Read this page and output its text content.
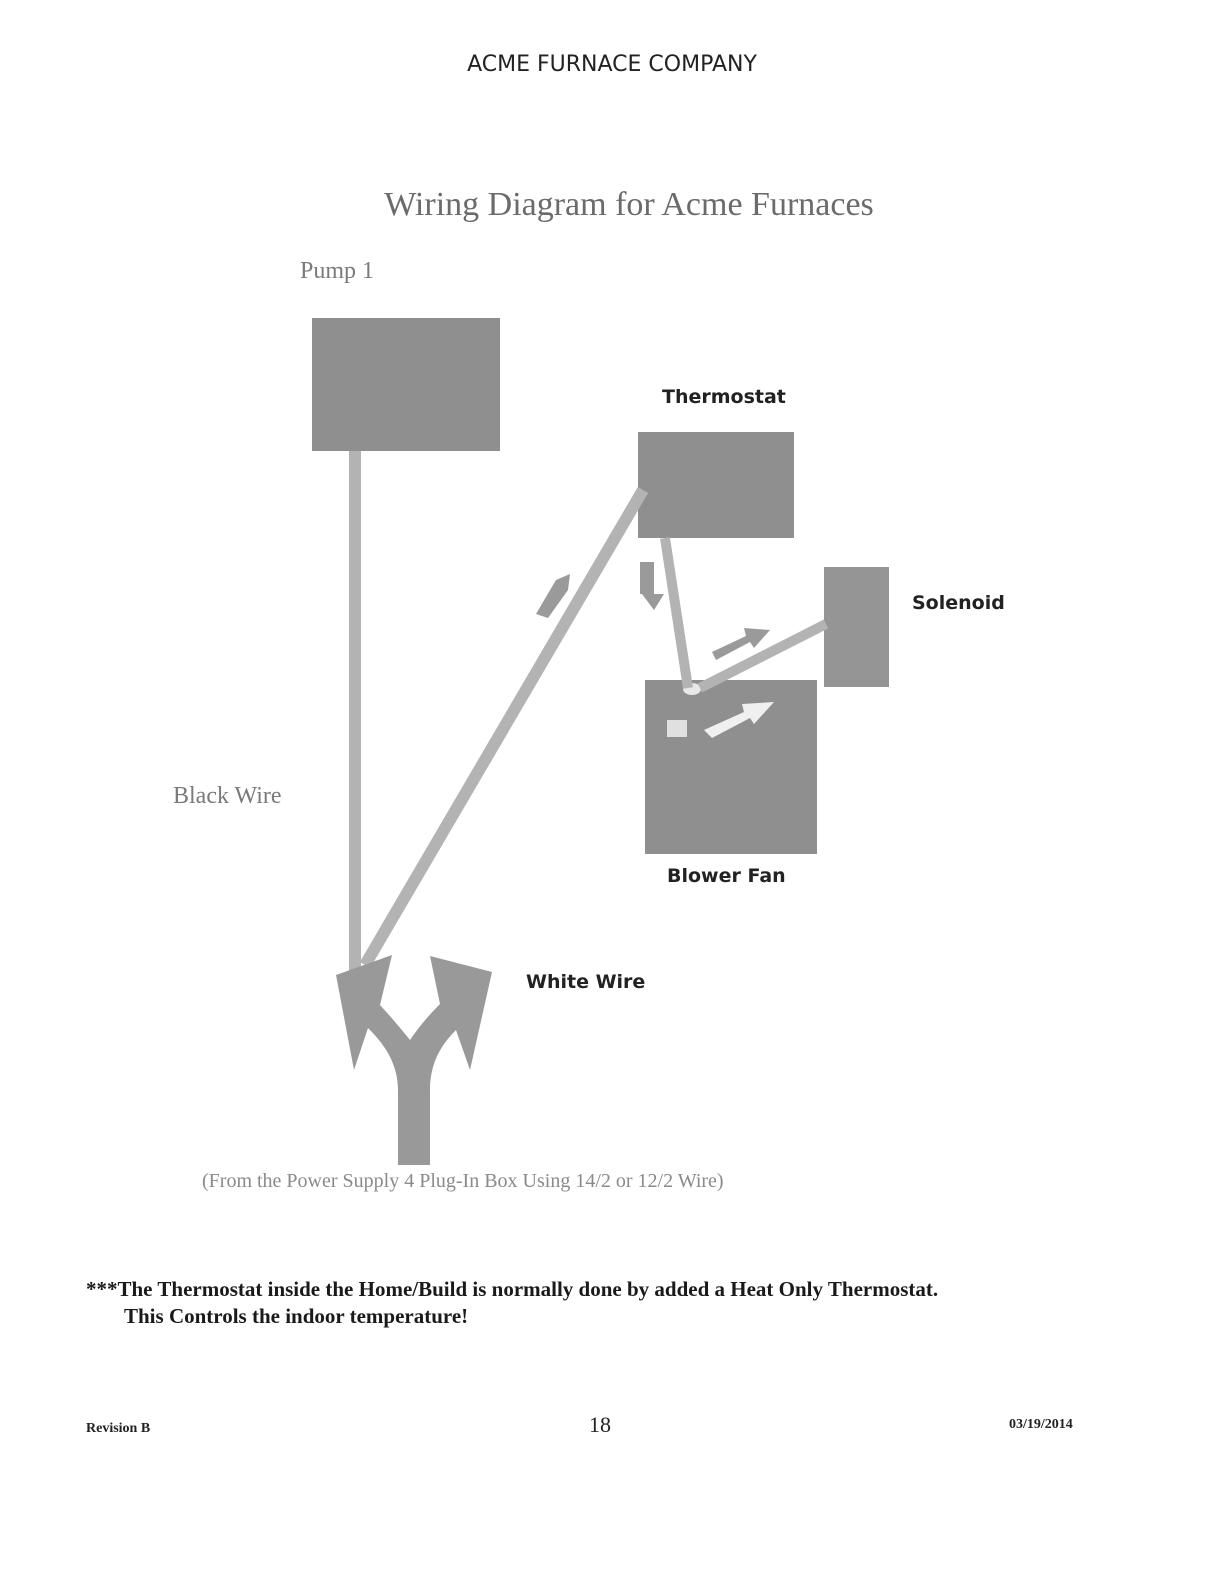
ACME FURNACE COMPANY
Wiring Diagram for Acme Furnaces
Pump 1
Thermostat
Solenoid
Blower Fan
Black Wire
White Wire
(From the Power Supply 4 Plug-In Box Using 14/2 or 12/2 Wire)
***The Thermostat inside the Home/Build is normally done by added a Heat Only Thermostat.
This Controls the indoor temperature!
Revision B	18	03/19/2014
